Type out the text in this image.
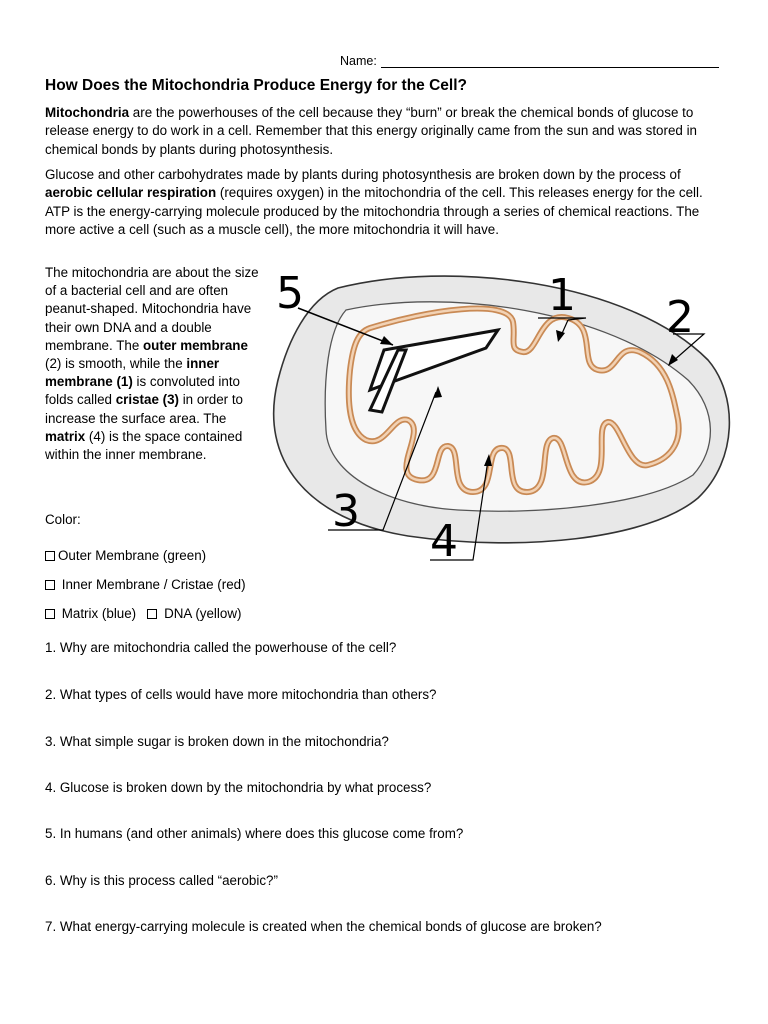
Name:
How Does the Mitochondria Produce Energy for the Cell?

Mitochondria are the powerhouses of the cell because they “burn” or break the chemical bonds of glucose to release energy to do work in a cell. Remember that this energy originally came from the sun and was stored in chemical bonds by plants during photosynthesis.

Glucose and other carbohydrates made by plants during photosynthesis are broken down by the process of aerobic cellular respiration (requires oxygen) in the mitochondria of the cell. This releases energy for the cell. ATP is the energy-carrying molecule produced by the mitochondria through a series of chemical reactions. The more active a cell (such as a muscle cell), the more mitochondria it will have.

The mitochondria are about the size of a bacterial cell and are often peanut-shaped. Mitochondria have their own DNA and a double membrane. The outer membrane (2) is smooth, while the inner membrane (1) is convoluted into folds called cristae (3) in order to increase the surface area. The matrix (4) is the space contained within the inner membrane.

Color:
Outer Membrane (green)
Inner Membrane / Cristae (red)
Matrix (blue) DNA (yellow)
5	1 2
3
4
1. Why are mitochondria called the powerhouse of the cell?
2. What types of cells would have more mitochondria than others?
3. What simple sugar is broken down in the mitochondria?
4. Glucose is broken down by the mitochondria by what process?
5. In humans (and other animals) where does this glucose come from?
6. Why is this process called “aerobic?”
7. What energy-carrying molecule is created when the chemical bonds of glucose are broken?
